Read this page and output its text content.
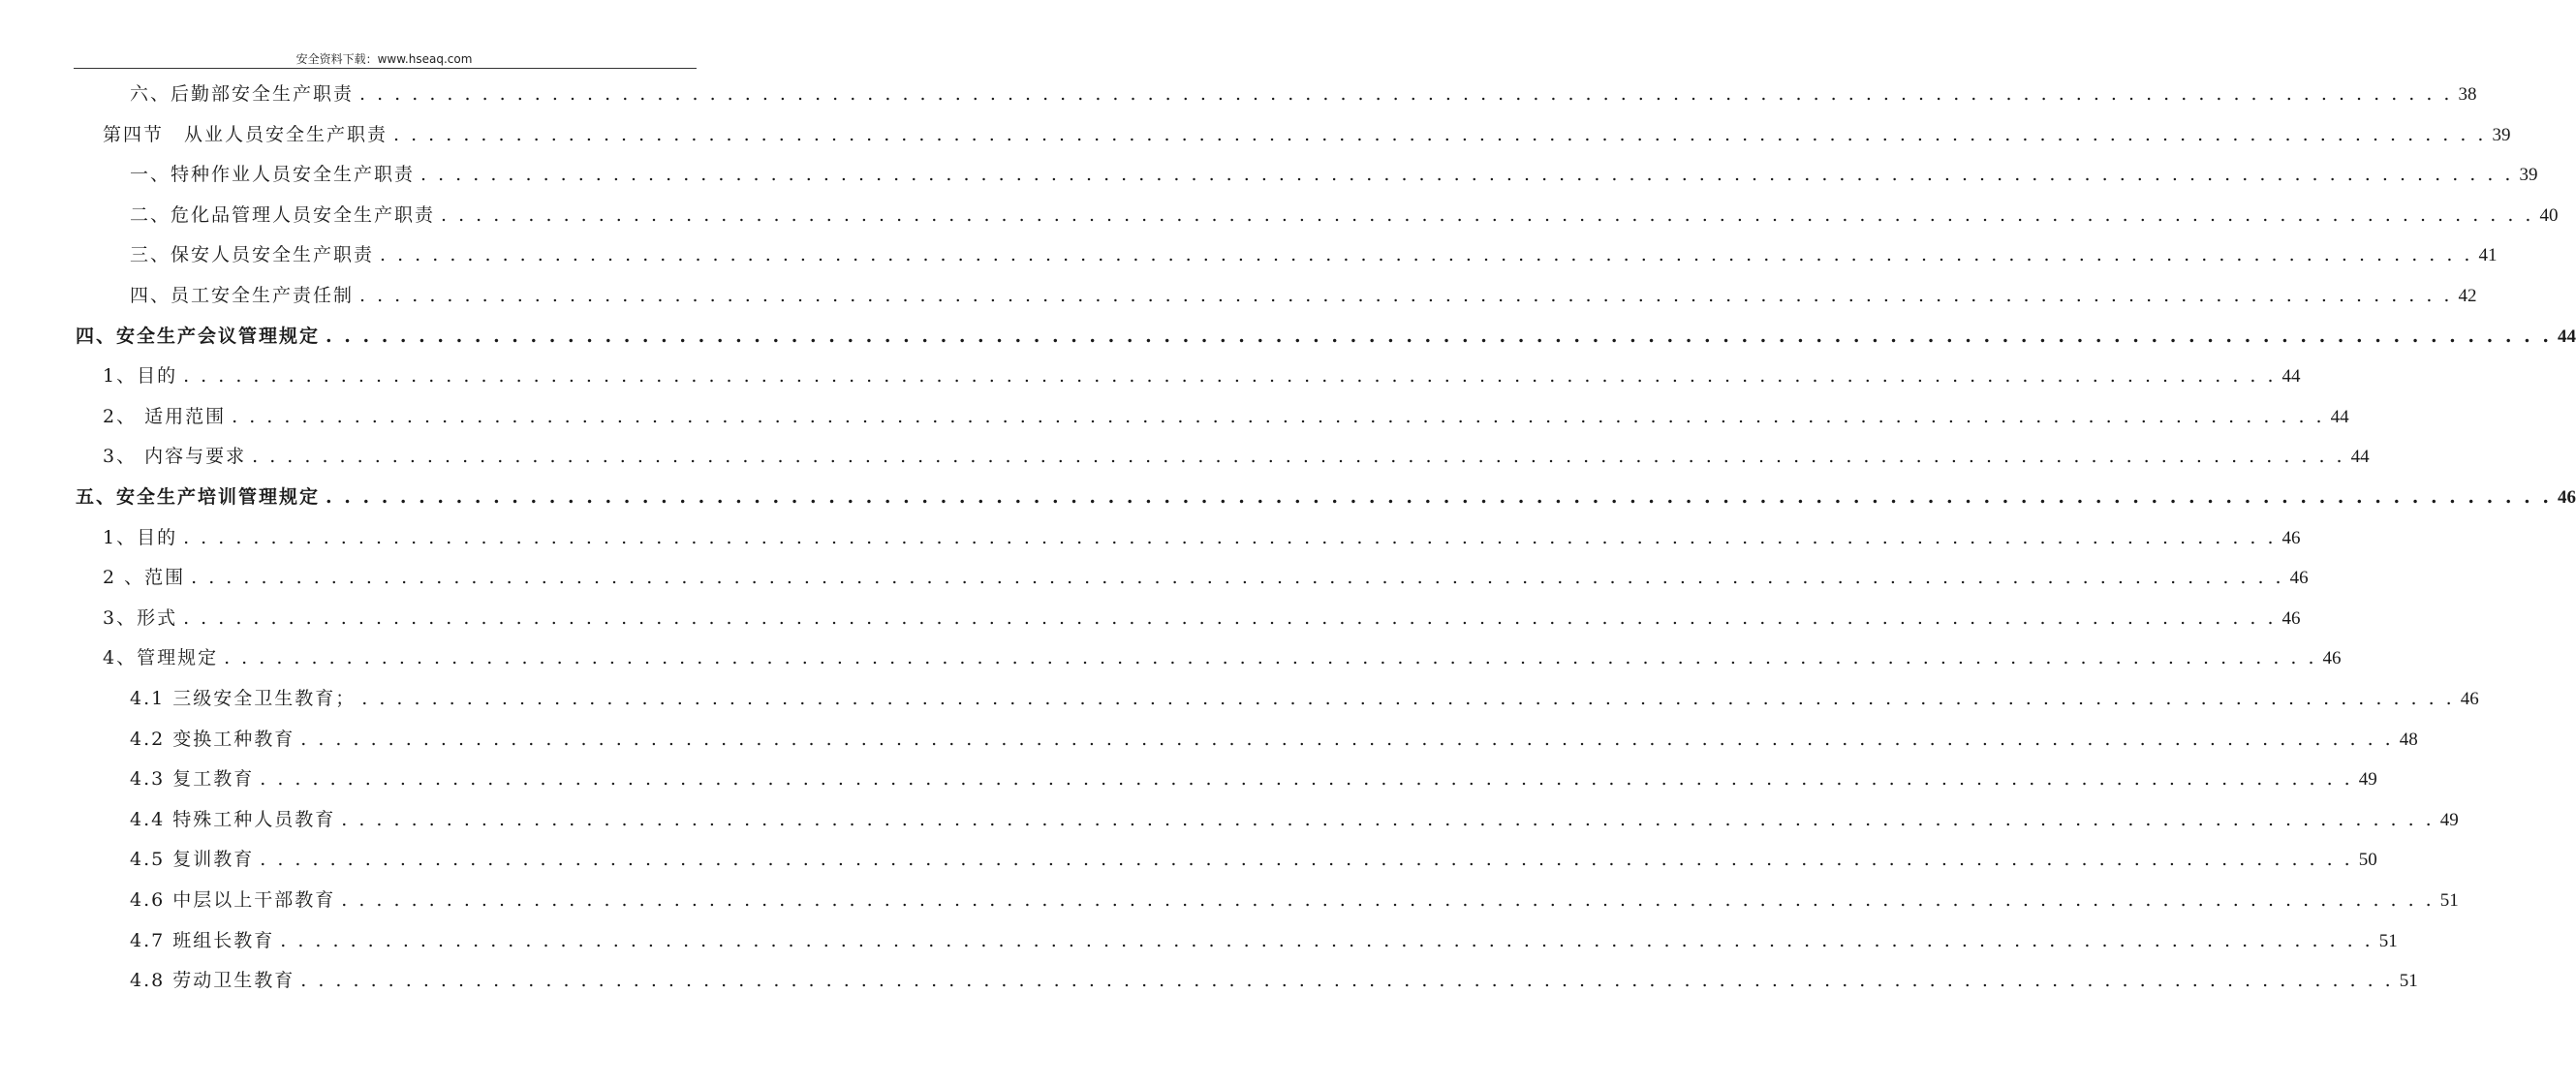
安全资料下载：www.hseaq.com
六、后勤部安全生产职责 . . . . . . . . . . . . . . . . . . . . . . . . . . . . . . . . . . . . . . . . . . . . . . . . . . . . . . . . . . . . . . . . . . . . . . . . . . . . . . . . . . . . . . . . . . . . . . . . . . . . . . . . . . . . . . . . . . . . . . . . 38
第四节　从业人员安全生产职责 . . . . . . . . . . . . . . . . . . . . . . . . . . . . . . . . . . . . . . . . . . . . . . . . . . . . . . . . . . . . . . . . . . . . . . . . . . . . . . . . . . . . . . . . . . . . . . . . . . . . . . . . . . . . . . . . . . . . . . . . 39
一、特种作业人员安全生产职责 . . . . . . . . . . . . . . . . . . . . . . . . . . . . . . . . . . . . . . . . . . . . . . . . . . . . . . . . . . . . . . . . . . . . . . . . . . . . . . . . . . . . . . . . . . . . . . . . . . . . . . . . . . . . . . . . . . . . . . . . 39
二、危化品管理人员安全生产职责 . . . . . . . . . . . . . . . . . . . . . . . . . . . . . . . . . . . . . . . . . . . . . . . . . . . . . . . . . . . . . . . . . . . . . . . . . . . . . . . . . . . . . . . . . . . . . . . . . . . . . . . . . . . . . . . . . . . . . . . . 40
三、保安人员安全生产职责 . . . . . . . . . . . . . . . . . . . . . . . . . . . . . . . . . . . . . . . . . . . . . . . . . . . . . . . . . . . . . . . . . . . . . . . . . . . . . . . . . . . . . . . . . . . . . . . . . . . . . . . . . . . . . . . . . . . . . . . . 41
四、员工安全生产责任制 . . . . . . . . . . . . . . . . . . . . . . . . . . . . . . . . . . . . . . . . . . . . . . . . . . . . . . . . . . . . . . . . . . . . . . . . . . . . . . . . . . . . . . . . . . . . . . . . . . . . . . . . . . . . . . . . . . . . . . . . 42
四、安全生产会议管理规定 . . . . . . . . . . . . . . . . . . . . . . . . . . . . . . . . . . . . . . . . . . . . . . . . . . . . . . . . . . . . . . . . . . . . . . . . . . . . . . . . . . . . . . . . . . . . . . . . . . . . . . . . . . . . . . . . . . . . . . . . 44
1、目的 . . . . . . . . . . . . . . . . . . . . . . . . . . . . . . . . . . . . . . . . . . . . . . . . . . . . . . . . . . . . . . . . . . . . . . . . . . . . . . . . . . . . . . . . . . . . . . . . . . . . . . . . . . . . . . . . . . . . . . . . 44
2、 适用范围 . . . . . . . . . . . . . . . . . . . . . . . . . . . . . . . . . . . . . . . . . . . . . . . . . . . . . . . . . . . . . . . . . . . . . . . . . . . . . . . . . . . . . . . . . . . . . . . . . . . . . . . . . . . . . . . . . . . . . . . . 44
3、 内容与要求 . . . . . . . . . . . . . . . . . . . . . . . . . . . . . . . . . . . . . . . . . . . . . . . . . . . . . . . . . . . . . . . . . . . . . . . . . . . . . . . . . . . . . . . . . . . . . . . . . . . . . . . . . . . . . . . . . . . . . . . . 44
五、安全生产培训管理规定 . . . . . . . . . . . . . . . . . . . . . . . . . . . . . . . . . . . . . . . . . . . . . . . . . . . . . . . . . . . . . . . . . . . . . . . . . . . . . . . . . . . . . . . . . . . . . . . . . . . . . . . . . . . . . . . . . . . . . . . . 46
1、目的 . . . . . . . . . . . . . . . . . . . . . . . . . . . . . . . . . . . . . . . . . . . . . . . . . . . . . . . . . . . . . . . . . . . . . . . . . . . . . . . . . . . . . . . . . . . . . . . . . . . . . . . . . . . . . . . . . . . . . . . . 46
2 、范围 . . . . . . . . . . . . . . . . . . . . . . . . . . . . . . . . . . . . . . . . . . . . . . . . . . . . . . . . . . . . . . . . . . . . . . . . . . . . . . . . . . . . . . . . . . . . . . . . . . . . . . . . . . . . . . . . . . . . . . . . 46
3、形式 . . . . . . . . . . . . . . . . . . . . . . . . . . . . . . . . . . . . . . . . . . . . . . . . . . . . . . . . . . . . . . . . . . . . . . . . . . . . . . . . . . . . . . . . . . . . . . . . . . . . . . . . . . . . . . . . . . . . . . . . 46
4、管理规定 . . . . . . . . . . . . . . . . . . . . . . . . . . . . . . . . . . . . . . . . . . . . . . . . . . . . . . . . . . . . . . . . . . . . . . . . . . . . . . . . . . . . . . . . . . . . . . . . . . . . . . . . . . . . . . . . . . . . . . . . 46
4.1 三级安全卫生教育； . . . . . . . . . . . . . . . . . . . . . . . . . . . . . . . . . . . . . . . . . . . . . . . . . . . . . . . . . . . . . . . . . . . . . . . . . . . . . . . . . . . . . . . . . . . . . . . . . . . . . . . . . . . . . . . . . . . . . . . . 46
4.2 变换工种教育 . . . . . . . . . . . . . . . . . . . . . . . . . . . . . . . . . . . . . . . . . . . . . . . . . . . . . . . . . . . . . . . . . . . . . . . . . . . . . . . . . . . . . . . . . . . . . . . . . . . . . . . . . . . . . . . . . . . . . . . . 48
4.3 复工教育 . . . . . . . . . . . . . . . . . . . . . . . . . . . . . . . . . . . . . . . . . . . . . . . . . . . . . . . . . . . . . . . . . . . . . . . . . . . . . . . . . . . . . . . . . . . . . . . . . . . . . . . . . . . . . . . . . . . . . . . . 49
4.4 特殊工种人员教育 . . . . . . . . . . . . . . . . . . . . . . . . . . . . . . . . . . . . . . . . . . . . . . . . . . . . . . . . . . . . . . . . . . . . . . . . . . . . . . . . . . . . . . . . . . . . . . . . . . . . . . . . . . . . . . . . . . . . . . . . 49
4.5 复训教育 . . . . . . . . . . . . . . . . . . . . . . . . . . . . . . . . . . . . . . . . . . . . . . . . . . . . . . . . . . . . . . . . . . . . . . . . . . . . . . . . . . . . . . . . . . . . . . . . . . . . . . . . . . . . . . . . . . . . . . . . 50
4.6 中层以上干部教育 . . . . . . . . . . . . . . . . . . . . . . . . . . . . . . . . . . . . . . . . . . . . . . . . . . . . . . . . . . . . . . . . . . . . . . . . . . . . . . . . . . . . . . . . . . . . . . . . . . . . . . . . . . . . . . . . . . . . . . . . 51
4.7 班组长教育 . . . . . . . . . . . . . . . . . . . . . . . . . . . . . . . . . . . . . . . . . . . . . . . . . . . . . . . . . . . . . . . . . . . . . . . . . . . . . . . . . . . . . . . . . . . . . . . . . . . . . . . . . . . . . . . . . . . . . . . . 51
4.8 劳动卫生教育 . . . . . . . . . . . . . . . . . . . . . . . . . . . . . . . . . . . . . . . . . . . . . . . . . . . . . . . . . . . . . . . . . . . . . . . . . . . . . . . . . . . . . . . . . . . . . . . . . . . . . . . . . . . . . . . . . . . . . . . . 51
